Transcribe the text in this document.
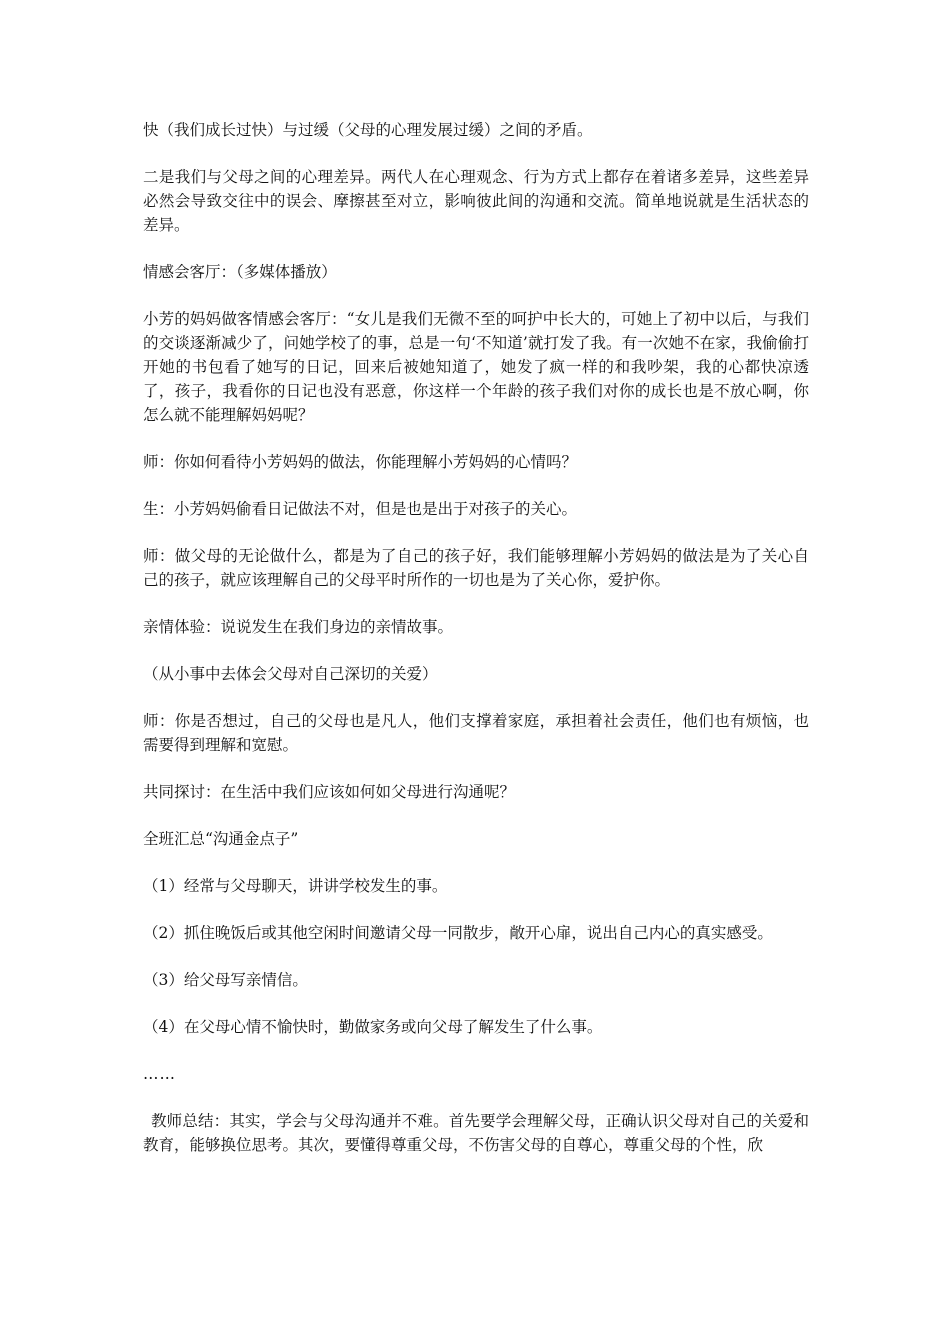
快（我们成长过快）与过缓（父母的心理发展过缓）之间的矛盾。

二是我们与父母之间的心理差异。两代人在心理观念、行为方式上都存在着诸多差异，这些差异必然会导致交往中的误会、摩擦甚至对立，影响彼此间的沟通和交流。简单地说就是生活状态的差异。

情感会客厅：（多媒体播放）

小芳的妈妈做客情感会客厅：“女儿是我们无微不至的呵护中长大的，可她上了初中以后，与我们的交谈逐渐减少了，问她学校了的事，总是一句‘不知道’就打发了我。有一次她不在家，我偷偷打开她的书包看了她写的日记，回来后被她知道了，她发了疯一样的和我吵架，我的心都快凉透了，孩子，我看你的日记也没有恶意，你这样一个年龄的孩子我们对你的成长也是不放心啊，你怎么就不能理解妈妈呢？

师：你如何看待小芳妈妈的做法，你能理解小芳妈妈的心情吗？

生：小芳妈妈偷看日记做法不对，但是也是出于对孩子的关心。

师：做父母的无论做什么，都是为了自己的孩子好，我们能够理解小芳妈妈的做法是为了关心自己的孩子，就应该理解自己的父母平时所作的一切也是为了关心你，爱护你。

亲情体验：说说发生在我们身边的亲情故事。

（从小事中去体会父母对自己深切的关爱）

师：你是否想过，自己的父母也是凡人，他们支撑着家庭，承担着社会责任，他们也有烦恼，也需要得到理解和宽慰。

共同探讨：在生活中我们应该如何如父母进行沟通呢？

全班汇总“沟通金点子”

（1）经常与父母聊天，讲讲学校发生的事。

（2）抓住晚饭后或其他空闲时间邀请父母一同散步，敞开心扉，说出自己内心的真实感受。

（3）给父母写亲情信。

（4）在父母心情不愉快时，勤做家务或向父母了解发生了什么事。

……

教师总结：其实，学会与父母沟通并不难。首先要学会理解父母，正确认识父母对自己的关爱和教育，能够换位思考。其次，要懂得尊重父母，不伤害父母的自尊心，尊重父母的个性，欣
